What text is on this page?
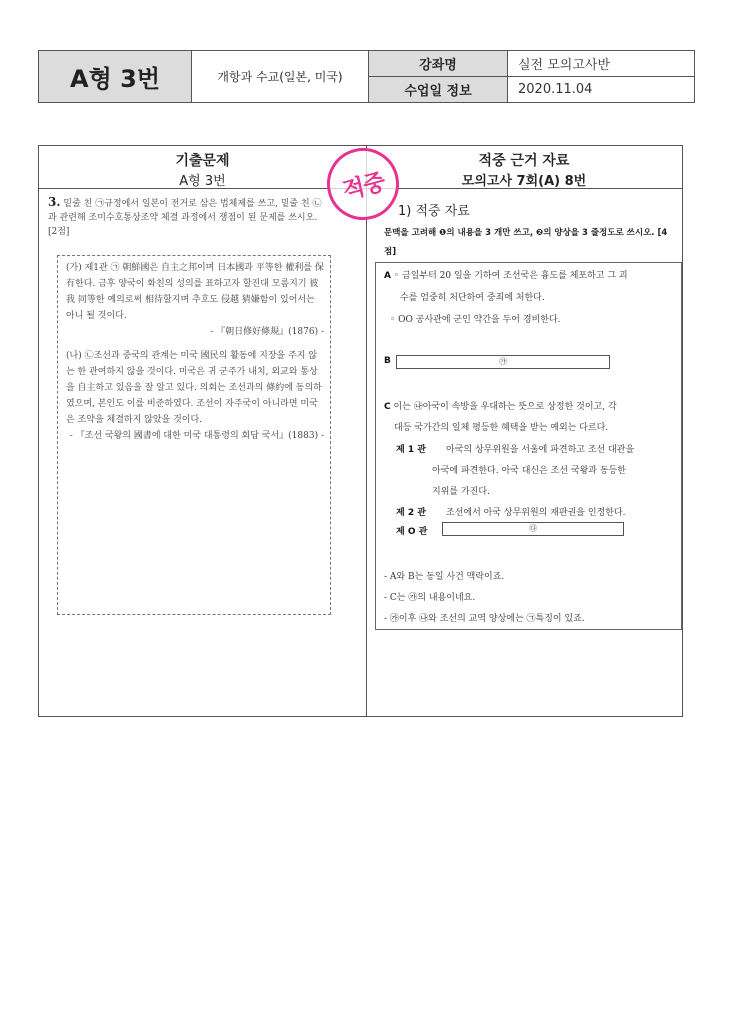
A형 3번	개항과 수교(일본, 미국)	강좌명	실전 모의고사반
		수업일 정보	2020.11.04
기출문제
A형 3번
적중 근거 자료
모의고사 7회(A) 8번
3. 밑줄 친 ㉠규정에서 일본이 전거로 삼은 법체제를 쓰고, 밑줄 친 ㉡과 관련해 조미수호통상조약 체결 과정에서 쟁점이 된 문제를 쓰시오. [2점]
(가) 제1관 ㉠ 朝鮮國은 自主之邦이며 日本國과 平等한 權利를 保有한다. 금후 양국이 화친의 성의를 표하고자 할진대 모름지기 彼我 同等한 예의로써 相待할지며 추호도 侵越 猜嫌함이 있어서는 아니 될 것이다.
- 『朝日修好條規』(1876) -
(나) ㉡조선과 중국의 관계는 미국 國民의 활동에 지장을 주지 않는 한 관여하지 않을 것이다. 미국은 귀 군주가 내치, 외교와 통상을 自主하고 있음을 잘 알고 있다. 의회는 조선과의 條約에 동의하였으며, 본인도 이를 비준하였다. 조선이 자주국이 아니라면 미국은 조약을 체결하지 않았을 것이다.
- 『조선 국왕의 國書에 대한 미국 대통령의 회답 국서』(1883) -
적중
1) 적중 자료
문맥을 고려해 ❶의 내용을 3 개만 쓰고, ❷의 양상을 3 줄정도로 쓰시오. [4 점]
A ◦ 금일부터 20 일을 기하여 조선국은 흉도를 체포하고 그 괴
수를 엄중히 처단하여 중죄에 처한다.
◦ OO 공사관에 군인 약간을 두어 경비한다.
B	㉮
C 이는 ㉯아국이 속방을 우대하는 뜻으로 상정한 것이고, 각
대등 국가간의 일체 평등한 혜택을 받는 예외는 다르다.
제 1 관 아국의 상무위원을 서울에 파견하고 조선 대관을
아국에 파견한다. 아국 대신은 조선 국왕과 동등한
지위를 가진다.
제 2 관 조선에서 아국 상무위원의 재판권을 인정한다.
제 O 관	㉰
- A와 B는 동일 사건 맥락이죠.
- C는 ㉮의 내용이네요.
- ㉮이후 ㉯와 조선의 교역 양상에는 ㉠특징이 있죠.
